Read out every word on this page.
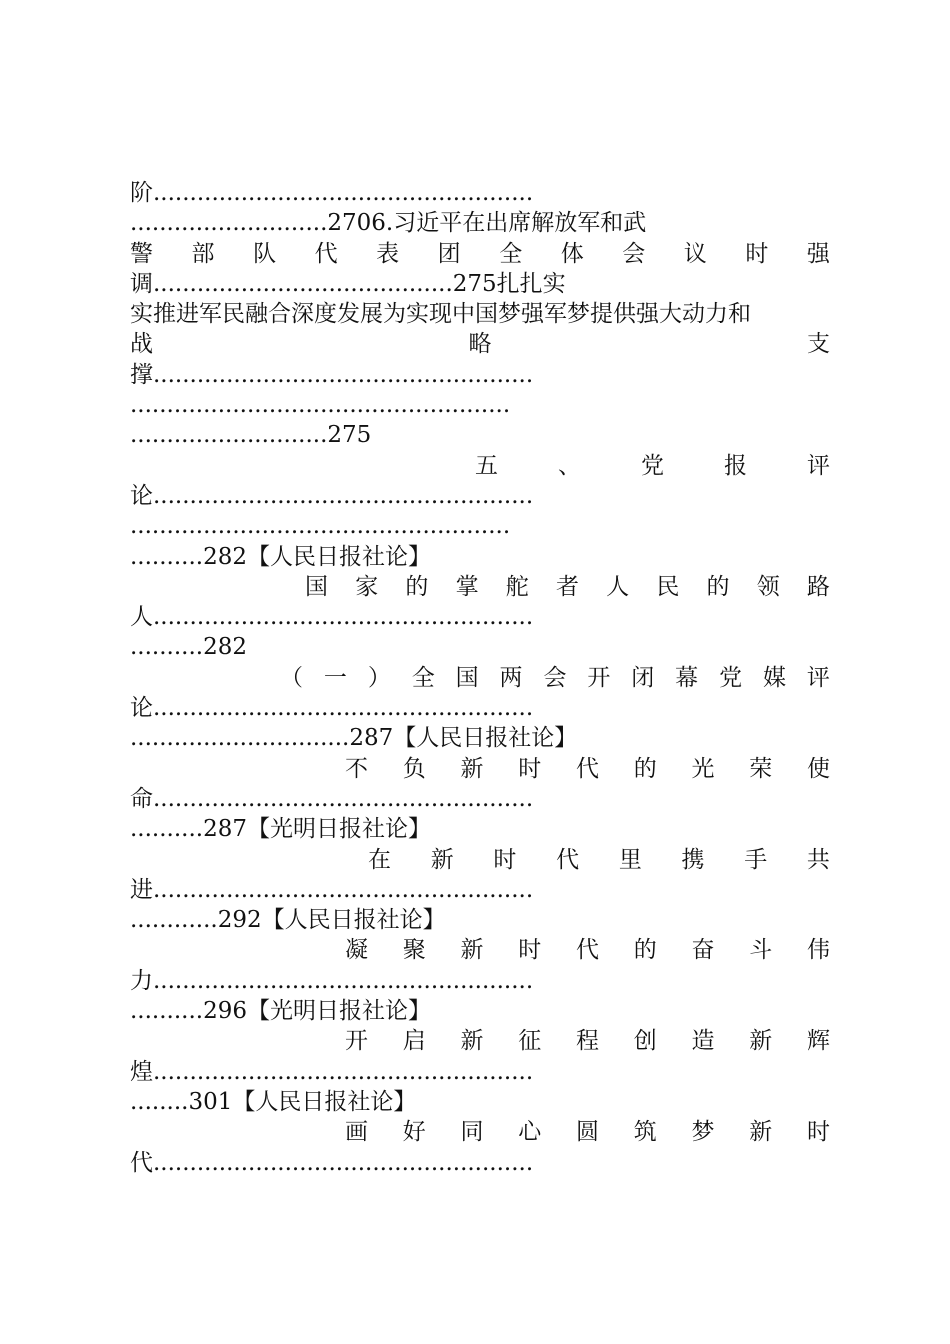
阶....................................................
...........................2706.习近平在出席解放军和武
警 部 队 代 表 团 全 体 会 议 时 强
调.........................................275扎扎实
实推进军民融合深度发展为实现中国梦强军梦提供强大动力和
战	略	支
撑....................................................
....................................................
...........................275
五	、	党	报	评
论....................................................
....................................................
..........282【人民日报社论】
国 家 的 掌 舵 者 人 民 的 领 路
人....................................................
..........282
（ 一 ） 全 国 两 会 开 闭 幕 党 媒 评
论....................................................
..............................287【人民日报社论】
不 负 新 时 代 的 光 荣 使
命....................................................
..........287【光明日报社论】
在 新 时 代 里 携 手 共
进....................................................
............292【人民日报社论】
凝 聚 新 时 代 的 奋 斗 伟
力....................................................
..........296【光明日报社论】
开 启 新 征 程 创 造 新 辉
煌....................................................
........301【人民日报社论】
画 好 同 心 圆 筑 梦 新 时
代....................................................
